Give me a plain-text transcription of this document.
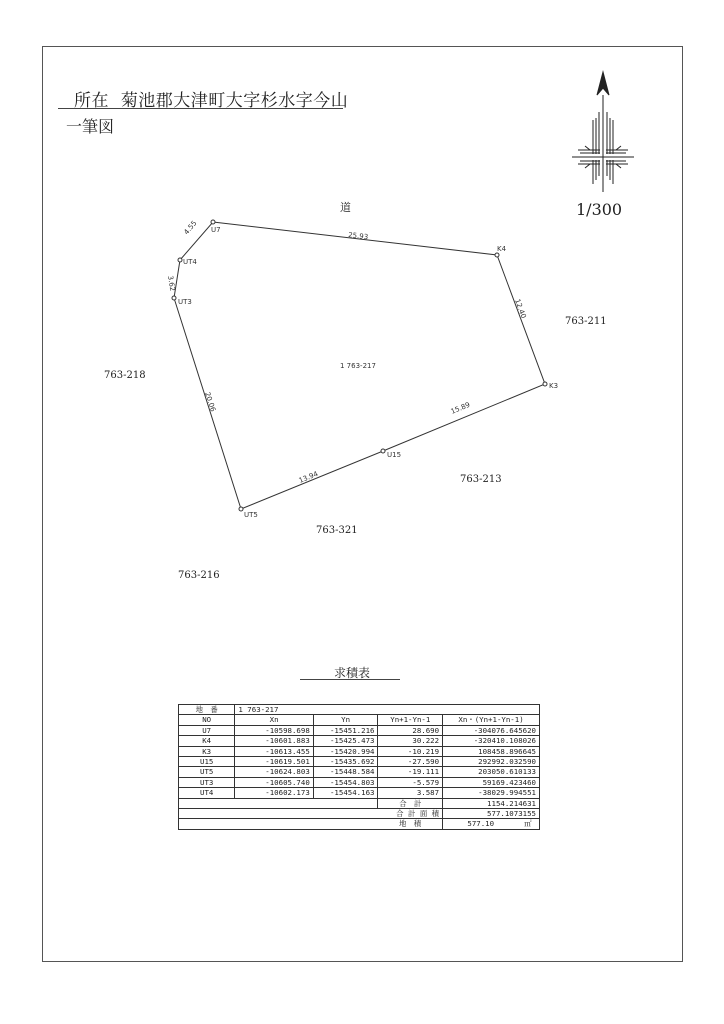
所在 菊池郡大津町大字杉水字今山
一筆図
1/300
U7
K4
K3
U15
UT5
UT3
UT4
25.93
12.40
15.89
13.94
20.06
3.62
4.55
道
1 763-217
763-211
763-218
763-213
763-321
763-216
求積表
地　番	1 763-217			
NO	Xn	Yn	Yn+1-Yn-1	Xn・(Yn+1-Yn-1)
U7	-10598.698	-15451.216	28.690	-304076.645620
K4	-10601.883	-15425.473	30.222	-320410.108026
K3	-10613.455	-15420.994	-10.219	108458.896645
U15	-10619.501	-15435.692	-27.590	292992.032590
UT5	-10624.803	-15448.584	-19.111	203050.610133
UT3	-10605.740	-15454.803	-5.579	59169.423460
UT4	-10602.173	-15454.163	3.587	-38029.994551
			合　計	1154.214631
		合 計 面 積		577.1073155
			地　積	577.10 ㎡
